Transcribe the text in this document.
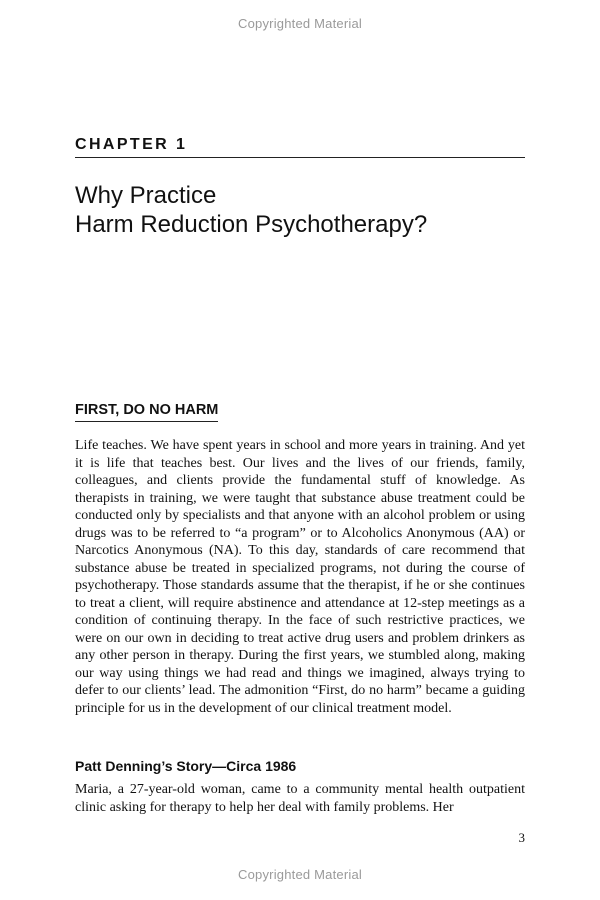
Copyrighted Material
CHAPTER 1
Why Practice
Harm Reduction Psychotherapy?
FIRST, DO NO HARM

Life teaches. We have spent years in school and more years in training. And yet it is life that teaches best. Our lives and the lives of our friends, family, colleagues, and clients provide the fundamental stuff of knowledge. As therapists in training, we were taught that substance abuse treatment could be conducted only by specialists and that anyone with an alcohol problem or using drugs was to be referred to “a program” or to Alcoholics Anonymous (AA) or Narcotics Anonymous (NA). To this day, standards of care recommend that substance abuse be treated in specialized programs, not during the course of psychotherapy. Those standards assume that the therapist, if he or she continues to treat a client, will require abstinence and attendance at 12-step meetings as a condition of continuing therapy. In the face of such restrictive practices, we were on our own in deciding to treat active drug users and problem drinkers as any other person in therapy. During the first years, we stumbled along, making our way using things we had read and things we imagined, always trying to defer to our clients’ lead. The admonition “First, do no harm” became a guiding principle for us in the development of our clinical treatment model.

Patt Denning’s Story—Circa 1986

Maria, a 27-year-old woman, came to a community mental health outpatient clinic asking for therapy to help her deal with family problems. Her

3
Copyrighted Material
